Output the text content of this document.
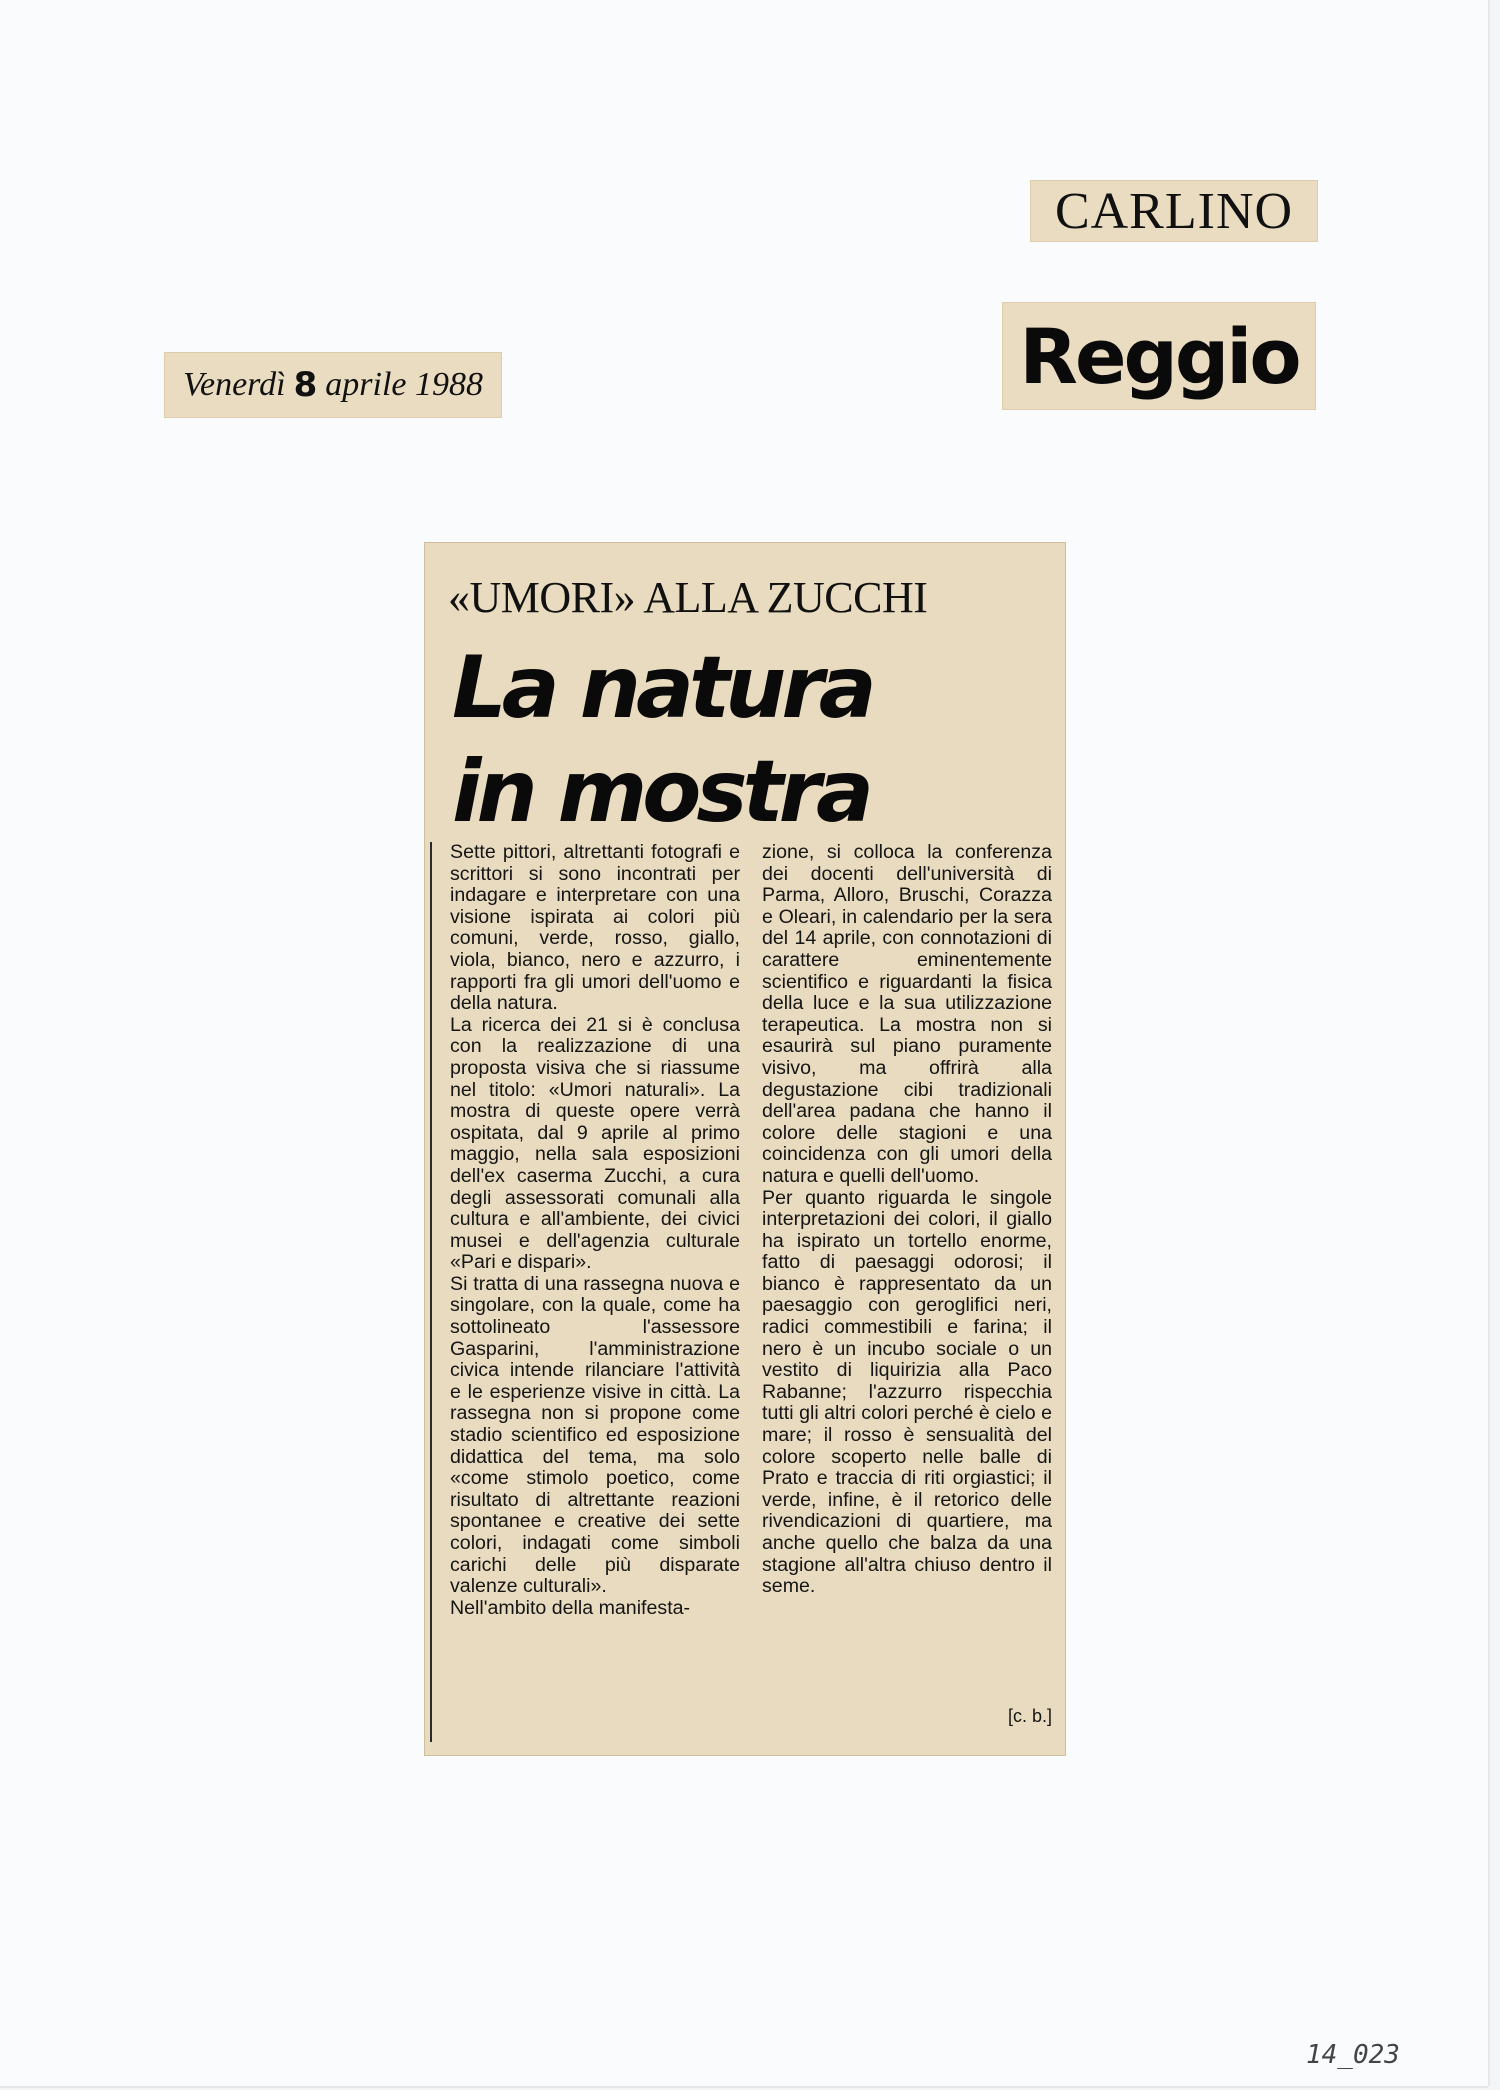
CARLINO
Reggio
Venerdì 8 aprile 1988
«UMORI» ALLA ZUCCHI
La natura
in mostra

Sette pittori, altrettanti fotografi e scrittori si sono incontrati per indagare e interpretare con una visione ispirata ai colori più comuni, verde, rosso, giallo, viola, bianco, nero e azzurro, i rapporti fra gli umori dell'uomo e della natura.

La ricerca dei 21 si è conclusa con la realizzazione di una proposta visiva che si riassume nel titolo: «Umori naturali». La mostra di queste opere verrà ospitata, dal 9 aprile al primo maggio, nella sala esposizioni dell'ex caserma Zucchi, a cura degli assessorati comunali alla cultura e all'ambiente, dei civici musei e dell'agenzia culturale «Pari e dispari».

Si tratta di una rassegna nuova e singolare, con la quale, come ha sottolineato l'assessore Gasparini, l'amministrazione civica intende rilanciare l'attività e le esperienze visive in città. La rassegna non si propone come stadio scientifico ed esposizione didattica del tema, ma solo «come stimolo poetico, come risultato di altrettante reazioni spontanee e creative dei sette colori, indagati come simboli carichi delle più disparate valenze culturali».

Nell'ambito della manifesta-

zione, si colloca la conferenza dei docenti dell'università di Parma, Alloro, Bruschi, Corazza e Oleari, in calendario per la sera del 14 aprile, con connotazioni di carattere eminentemente scientifico e riguardanti la fisica della luce e la sua utilizzazione terapeutica. La mostra non si esaurirà sul piano puramente visivo, ma offrirà alla degustazione cibi tradizionali dell'area padana che hanno il colore delle stagioni e una coincidenza con gli umori della natura e quelli dell'uomo.

Per quanto riguarda le singole interpretazioni dei colori, il giallo ha ispirato un tortello enorme, fatto di paesaggi odorosi; il bianco è rappresentato da un paesaggio con geroglifici neri, radici commestibili e farina; il nero è un incubo sociale o un vestito di liquirizia alla Paco Rabanne; l'azzurro rispecchia tutti gli altri colori perché è cielo e mare; il rosso è sensualità del colore scoperto nelle balle di Prato e traccia di riti orgiastici; il verde, infine, è il retorico delle rivendicazioni di quartiere, ma anche quello che balza da una stagione all'altra chiuso dentro il seme.

[c. b.]
14_023
